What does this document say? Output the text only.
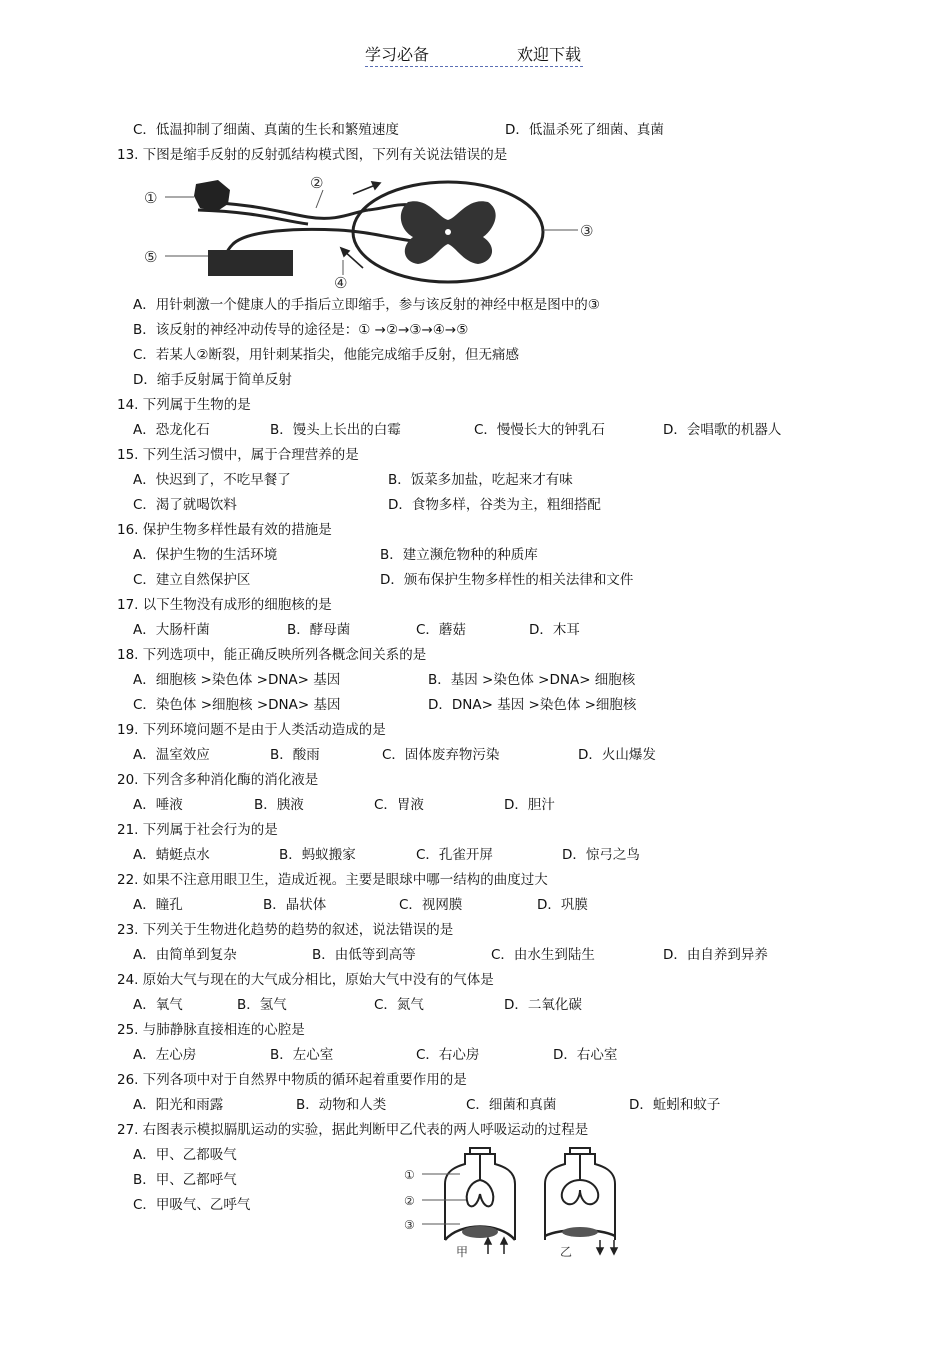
学习必备	欢迎下载
C．低温抑制了细菌、真菌的生长和繁殖速度	D．低温杀死了细菌、真菌
13. 下图是缩手反射的反射弧结构模式图，下列有关说法错误的是
A．用针刺激一个健康人的手指后立即缩手，参与该反射的神经中枢是图中的③
B．该反射的神经冲动传导的途径是：① →②→③→④→⑤
C．若某人②断裂，用针刺某指尖，他能完成缩手反射，但无痛感
D．缩手反射属于简单反射
14. 下列属于生物的是
A．恐龙化石	B．馒头上长出的白霉	C．慢慢长大的钟乳石	D．会唱歌的机器人
15. 下列生活习惯中，属于合理营养的是
A．快迟到了，不吃早餐了	B．饭菜多加盐，吃起来才有味
C．渴了就喝饮料	D．食物多样，谷类为主，粗细搭配
16. 保护生物多样性最有效的措施是
A．保护生物的生活环境	B．建立濒危物种的种质库
C．建立自然保护区	D．颁布保护生物多样性的相关法律和文件
17. 以下生物没有成形的细胞核的是
A．大肠杆菌	B．酵母菌	C．蘑菇	D．木耳
18. 下列选项中，能正确反映所列各概念间关系的是
A．细胞核 >染色体 >DNA> 基因	B．基因 >染色体 >DNA> 细胞核
C．染色体 >细胞核 >DNA> 基因	D．DNA> 基因 >染色体 >细胞核
19. 下列环境问题不是由于人类活动造成的是
A．温室效应	B．酸雨	C．固体废弃物污染	D．火山爆发
20. 下列含多种消化酶的消化液是
A．唾液	B．胰液	C．胃液	D．胆汁
21. 下列属于社会行为的是
A．蜻蜓点水	B．蚂蚁搬家	C．孔雀开屏	D．惊弓之鸟
22. 如果不注意用眼卫生，造成近视。主要是眼球中哪一结构的曲度过大
A．瞳孔	B．晶状体	C．视网膜	D．巩膜
23. 下列关于生物进化趋势的趋势的叙述，说法错误的是
A．由简单到复杂	B．由低等到高等	C．由水生到陆生	D．由自养到异养
24. 原始大气与现在的大气成分相比，原始大气中没有的气体是
A．氧气	B．氢气	C．氮气	D．二氧化碳
25. 与肺静脉直接相连的心腔是
A．左心房	B．左心室	C．右心房	D．右心室
26. 下列各项中对于自然界中物质的循环起着重要作用的是
A．阳光和雨露	B．动物和人类	C．细菌和真菌	D．蚯蚓和蚊子
27. 右图表示模拟膈肌运动的实验，据此判断甲乙代表的两人呼吸运动的过程是
A．甲、乙都吸气
B．甲、乙都呼气
C．甲吸气、乙呼气
①
②
③
④
⑤
①
②
③
甲	乙
